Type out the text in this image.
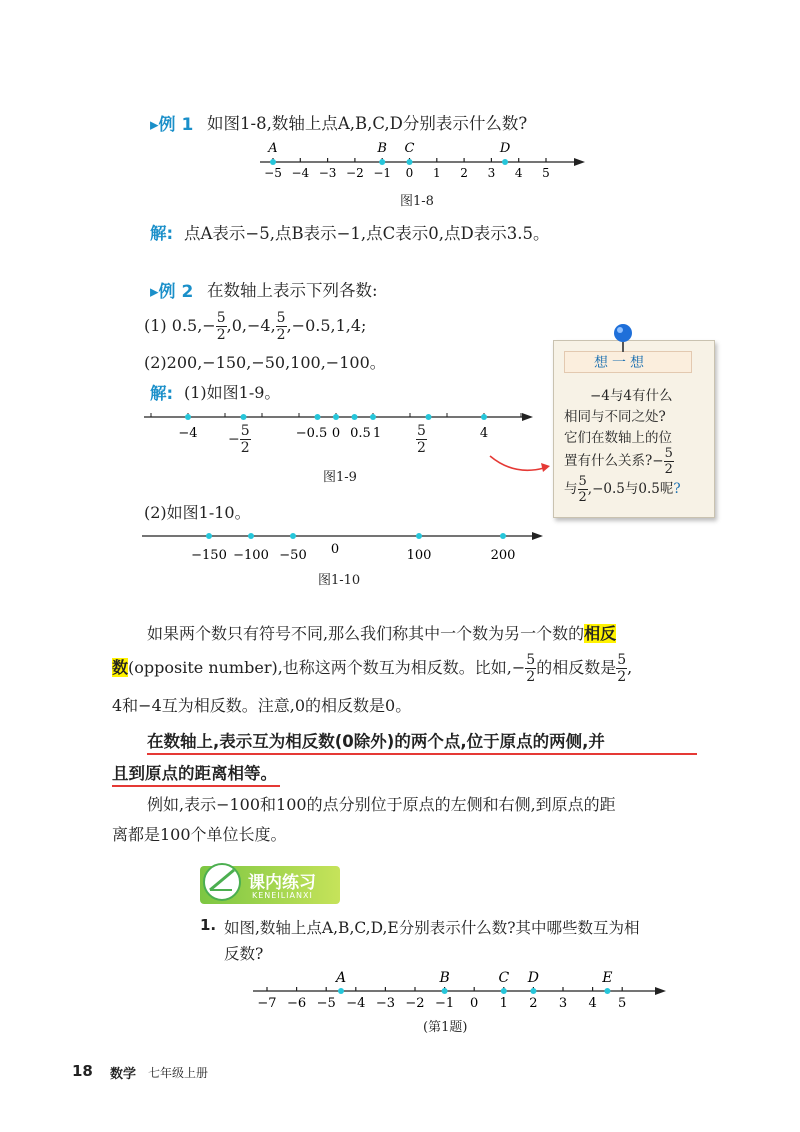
▸例 1 如图1-8,数轴上点A,B,C,D分别表示什么数?
−5 −4 −3 −2 −1 0 1 2 3 4 5
A	B C	D
图1-8
解: 点A表示−5,点B表示−1,点C表示0,点D表示3.5。
▸例 2 在数轴上表示下列各数:
(1) $0.5,- \frac{5}{2} ,0,-4$, $\frac{5}{2} ,-0.5,1,4$;
(2)200,−150,−50,100,−100。
解: (1)如图1-9。
−4	−0.5 0 0.5 1	4
− $\frac{5}{2}$	$\frac{5}{2}$
图1-9
(2)如图1-10。
−150 −100 −50 0	100	200
图1-10
想一想
−4与4有什么
相同与不同之处?
它们在数轴上的位
置有什么关系?− $\frac{5}{2}$
与 $\frac{5}{2} ,-0.5$与0.5呢?
如果两个数只有符号不同,那么我们称其中一个数为另一个数的相反
数(opposite number),也称这两个数互为相反数。比如,− $\frac{5}{2}$ 的相反数是 $\frac{5}{2}$ ,
4和−4互为相反数。注意,0的相反数是0。
在数轴上,表示互为相反数(0除外)的两个点,位于原点的两侧,并
且到原点的距离相等。
例如,表示−100和100的点分别位于原点的左侧和右侧,到原点的距
离都是100个单位长度。
课内练习
KENEILIANXI
1. 如图,数轴上点A,B,C,D,E分别表示什么数?其中哪些数互为相
反数?
−7 −6 −5 −4 −3 −2 −1 0 1 2 3 4 5
A	B	C D	E
(第1题)
18 数学 七年级上册
